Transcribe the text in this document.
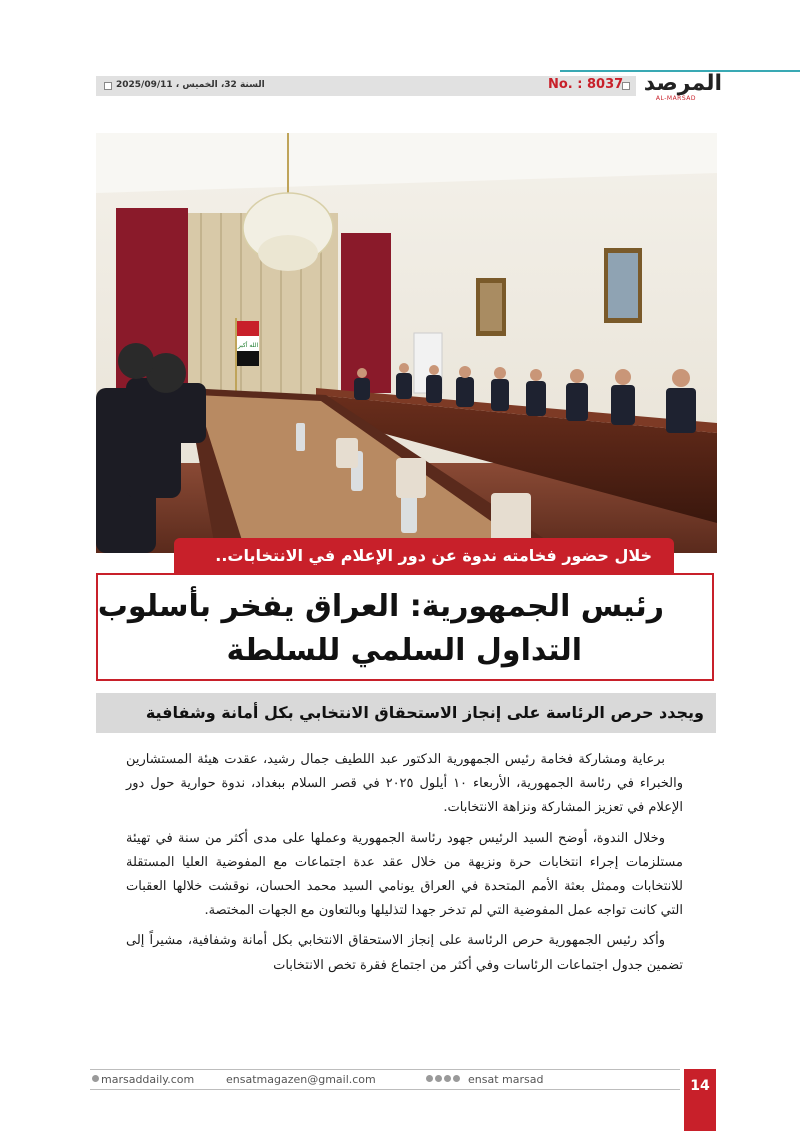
السنة 32، الخميس ، 2025/09/11	No. : 8037 المرصد
AL-MARSAD
الله أكبر
خلال حضور فخامته ندوة عن دور الإعلام في الانتخابات..
رئيس الجمهورية: العراق يفخر بأسلوب
التداول السلمي للسلطة
ويجدد حرص الرئاسة على إنجاز الاستحقاق الانتخابي بكل أمانة وشفافية

برعاية ومشاركة فخامة رئيس الجمهورية الدكتور عبد اللطيف جمال رشيد، عقدت هيئة المستشارين والخبراء في رئاسة الجمهورية، الأربعاء ١٠ أيلول ٢٠٢٥ في قصر السلام ببغداد، ندوة حوارية حول دور الإعلام في تعزيز المشاركة ونزاهة الانتخابات.

وخلال الندوة، أوضح السيد الرئيس جهود رئاسة الجمهورية وعملها على مدى أكثر من سنة في تهيئة مستلزمات إجراء انتخابات حرة ونزيهة من خلال عقد عدة اجتماعات مع المفوضية العليا المستقلة للانتخابات وممثل بعثة الأمم المتحدة في العراق يونامي السيد محمد الحسان، نوقشت خلالها العقبات التي كانت تواجه عمل المفوضية التي لم تدخر جهدا لتذليلها وبالتعاون مع الجهات المختصة.

وأكد رئيس الجمهورية حرص الرئاسة على إنجاز الاستحقاق الانتخابي بكل أمانة وشفافية، مشيراً إلى تضمين جدول اجتماعات الرئاسات وفي أكثر من اجتماع فقرة تخص الانتخابات

marsaddaily.com	ensatmagazen@gmail.com	ensat marsad	14
